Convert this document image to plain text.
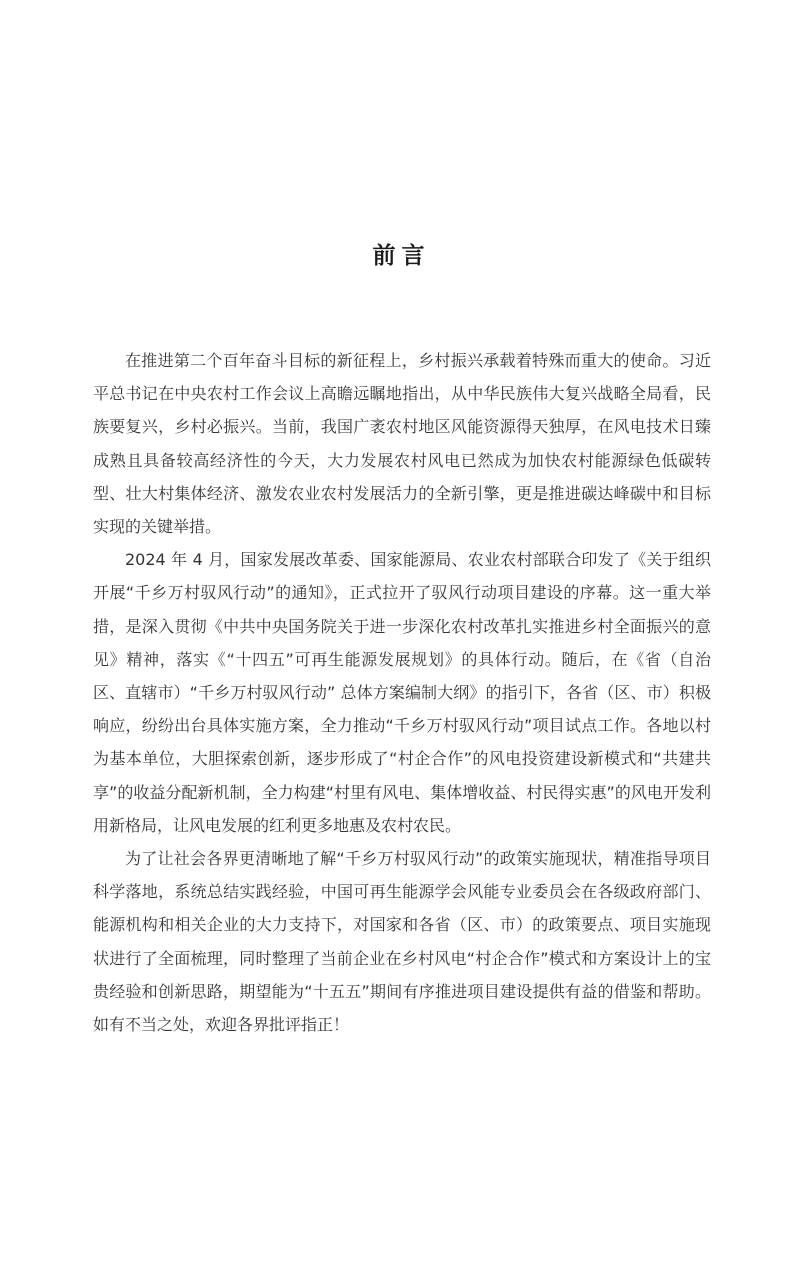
前言

在推进第二个百年奋斗目标的新征程上，乡村振兴承载着特殊而重大的使命。习近平总书记在中央农村工作会议上高瞻远瞩地指出，从中华民族伟大复兴战略全局看，民族要复兴，乡村必振兴。当前，我国广袤农村地区风能资源得天独厚，在风电技术日臻成熟且具备较高经济性的今天，大力发展农村风电已然成为加快农村能源绿色低碳转型、壮大村集体经济、激发农业农村发展活力的全新引擎，更是推进碳达峰碳中和目标实现的关键举措。

2024 年 4 月，国家发展改革委、国家能源局、农业农村部联合印发了《关于组织开展“千乡万村驭风行动”的通知》，正式拉开了驭风行动项目建设的序幕。这一重大举措，是深入贯彻《中共中央国务院关于进一步深化农村改革扎实推进乡村全面振兴的意见》精神，落实《“十四五”可再生能源发展规划》的具体行动。随后，在《省（自治区、直辖市）“千乡万村驭风行动” 总体方案编制大纲》的指引下，各省（区、市）积极响应，纷纷出台具体实施方案，全力推动“千乡万村驭风行动”项目试点工作。各地以村为基本单位，大胆探索创新，逐步形成了“村企合作”的风电投资建设新模式和“共建共享”的收益分配新机制，全力构建“村里有风电、集体增收益、村民得实惠”的风电开发利用新格局，让风电发展的红利更多地惠及农村农民。

为了让社会各界更清晰地了解“千乡万村驭风行动”的政策实施现状，精准指导项目科学落地，系统总结实践经验，中国可再生能源学会风能专业委员会在各级政府部门、能源机构和相关企业的大力支持下，对国家和各省（区、市）的政策要点、项目实施现状进行了全面梳理，同时整理了当前企业在乡村风电“村企合作”模式和方案设计上的宝贵经验和创新思路，期望能为“十五五”期间有序推进项目建设提供有益的借鉴和帮助。如有不当之处，欢迎各界批评指正！
